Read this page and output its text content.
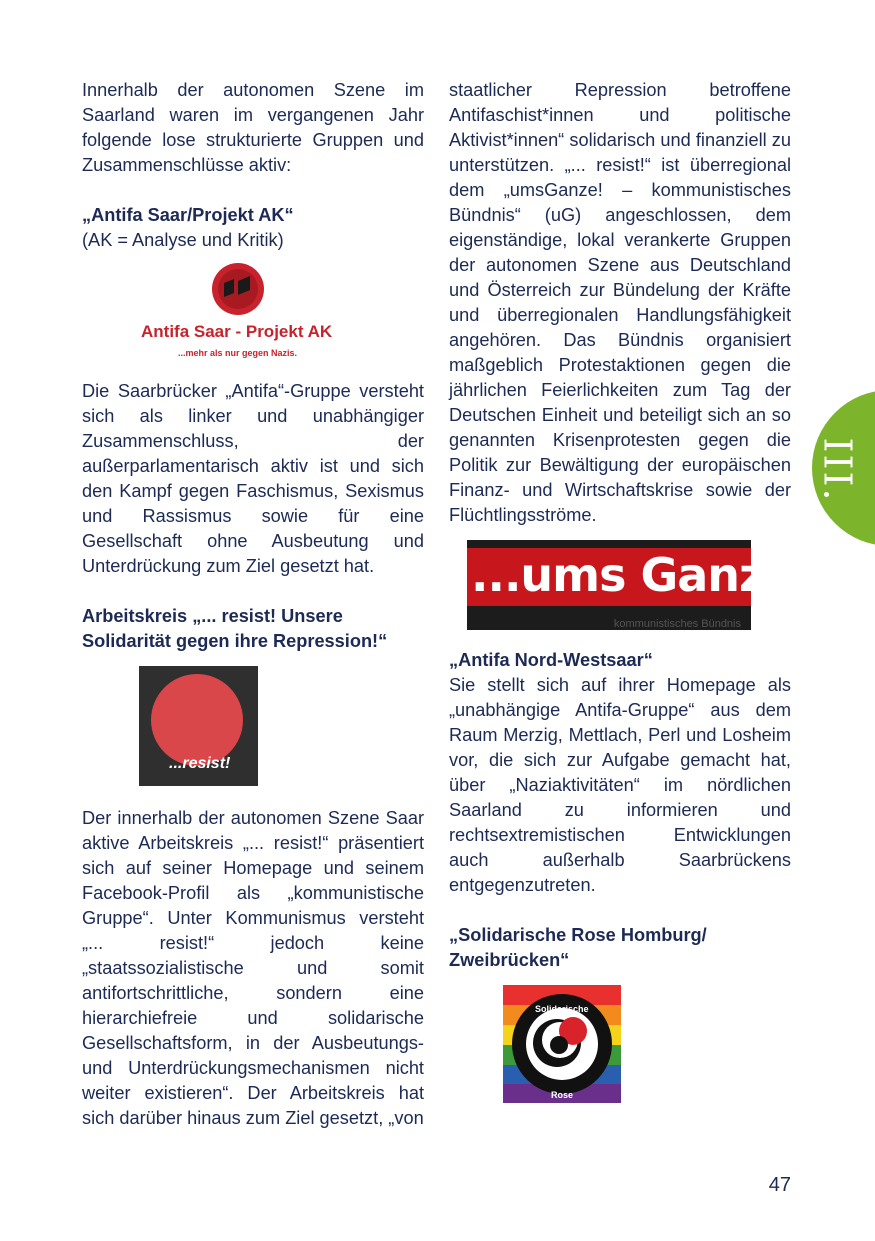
III.

Innerhalb der autonomen Szene im Saarland waren im vergangenen Jahr folgende lose strukturierte Gruppen und Zusammenschlüsse aktiv:

„Antifa Saar/Projekt AK“

(AK = Analyse und Kritik)

Antifa Saar - Projekt AK
...mehr als nur gegen Nazis.

Die Saarbrücker „Antifa“-Gruppe versteht sich als linker und unabhängiger Zusammenschluss, der außerparlamentarisch aktiv ist und sich den Kampf gegen Faschismus, Sexismus und Rassismus sowie für eine Gesellschaft ohne Ausbeutung und Unterdrückung zum Ziel gesetzt hat.

Arbeitskreis „... resist! Unsere Solidarität gegen ihre Repression!“
...resist!

Der innerhalb der autonomen Szene Saar aktive Arbeitskreis „... resist!“ präsentiert sich auf seiner Homepage und seinem Facebook-Profil als „kommunistische Gruppe“. Unter Kommunismus versteht „... resist!“ jedoch keine „staatssozialistische und somit antifortschrittliche, sondern eine hierarchiefreie und solidarische Gesellschaftsform, in der Ausbeutungs- und Unterdrückungsmechanismen nicht weiter existieren“. Der Arbeitskreis hat sich darüber hinaus zum Ziel gesetzt, „von

staatlicher Repression betroffene Antifaschist*innen und politische Aktivist*innen“ solidarisch und finanziell zu unterstützen. „... resist!“ ist überregional dem „umsGanze! – kommunistisches Bündnis“ (uG) angeschlossen, dem eigenständige, lokal verankerte Gruppen der autonomen Szene aus Deutschland und Österreich zur Bündelung der Kräfte und überregionalen Handlungsfähigkeit angehören. Das Bündnis organisiert maßgeblich Protestaktionen gegen die jährlichen Feierlichkeiten zum Tag der Deutschen Einheit und beteiligt sich an so genannten Krisenprotesten gegen die Politik zur Bewältigung der europäischen Finanz- und Wirtschaftskrise sowie der Flüchtlingsströme.

...ums Ganze!
kommunistisches Bündnis
„Antifa Nord-Westsaar“

Sie stellt sich auf ihrer Homepage als „unabhängige Antifa-Gruppe“ aus dem Raum Merzig, Mettlach, Perl und Losheim vor, die sich zur Aufgabe gemacht hat, über „Naziaktivitäten“ im nördlichen Saarland zu informieren und rechtsextremistischen Entwicklungen auch außerhalb Saarbrückens entgegenzutreten.

„Solidarische Rose Homburg/ Zweibrücken“
Solidarische
Rose
47
